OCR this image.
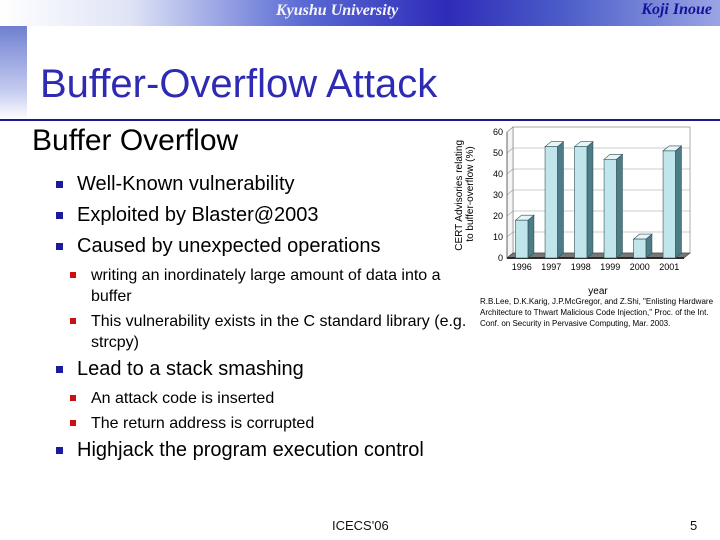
Kyushu University	Koji Inoue
Buffer-Overflow Attack
Buffer Overflow
Well-Known vulnerability
Exploited by Blaster@2003
Caused by unexpected operations
writing an inordinately large amount of data into a buffer
This vulnerability exists in the C standard library (e.g. strcpy)
Lead to a stack smashing
An attack code is inserted
The return address is corrupted
Highjack the program execution control
CERT Advisories relating to buffer-overflow (%)
year
0
10
20
30
40
50
60
1996 1997 1998 1999 2000 2001
R.B.Lee, D.K.Karig, J.P.McGregor, and Z.Shi, "Enlisting Hardware Architecture to Thwart Malicious Code Injection," Proc. of the Int. Conf. on Security in Pervasive Computing, Mar. 2003.
ICECS'06	5
